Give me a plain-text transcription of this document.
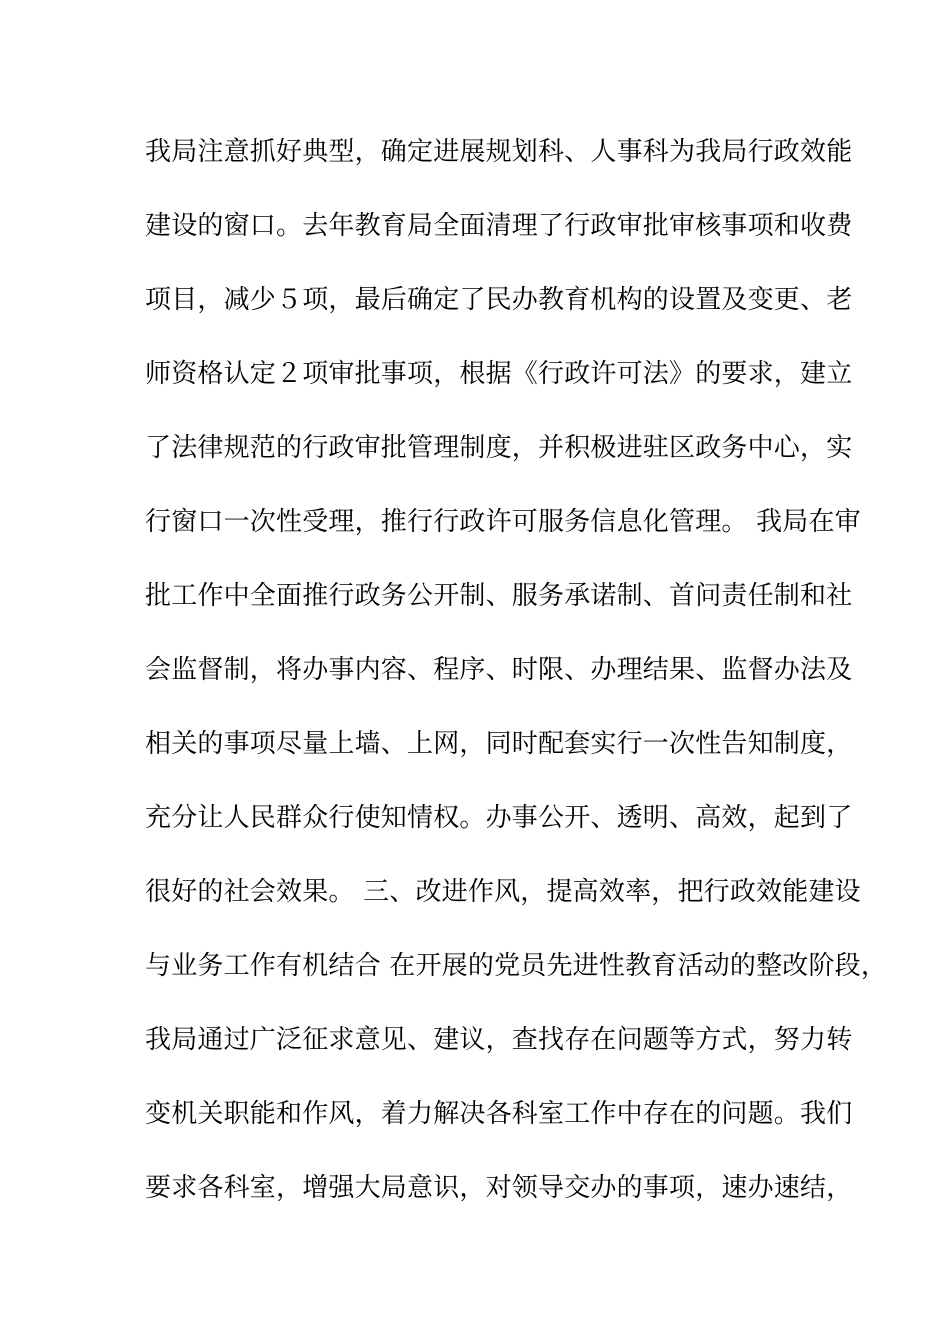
我局注意抓好典型，确定进展规划科、人事科为我局行政效能
建设的窗口。去年教育局全面清理了行政审批审核事项和收费
项目，减少５项，最后确定了民办教育机构的设置及变更、老
师资格认定２项审批事项，根据《行政许可法》的要求，建立
了法律规范的行政审批管理制度，并积极进驻区政务中心，实
行窗口一次性受理，推行行政许可服务信息化管理。 我局在审
批工作中全面推行政务公开制、服务承诺制、首问责任制和社
会监督制，将办事内容、程序、时限、办理结果、监督办法及
相关的事项尽量上墙、上网，同时配套实行一次性告知制度，
充分让人民群众行使知情权。办事公开、透明、高效，起到了
很好的社会效果。 三、改进作风，提高效率，把行政效能建设
与业务工作有机结合 在开展的党员先进性教育活动的整改阶段，
我局通过广泛征求意见、建议，查找存在问题等方式，努力转
变机关职能和作风，着力解决各科室工作中存在的问题。我们
要求各科室，增强大局意识，对领导交办的事项，速办速结，
